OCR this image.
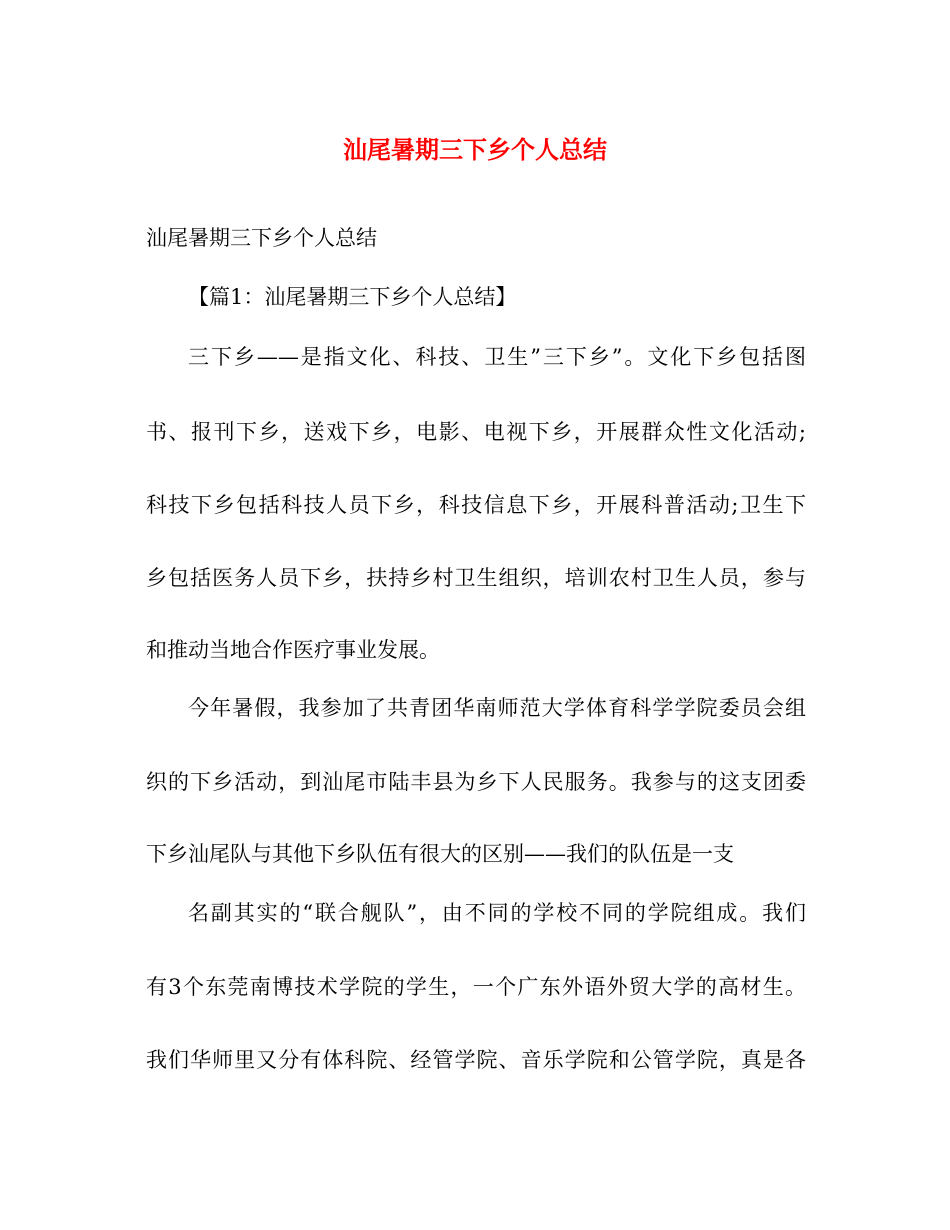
汕尾暑期三下乡个人总结

汕尾暑期三下乡个人总结

【篇1：汕尾暑期三下乡个人总结】

三下乡——是指文化、科技、卫生”三下乡”。文化下乡包括图

书、报刊下乡，送戏下乡，电影、电视下乡，开展群众性文化活动;

科技下乡包括科技人员下乡，科技信息下乡，开展科普活动;卫生下

乡包括医务人员下乡，扶持乡村卫生组织，培训农村卫生人员，参与

和推动当地合作医疗事业发展。

今年暑假，我参加了共青团华南师范大学体育科学学院委员会组

织的下乡活动，到汕尾市陆丰县为乡下人民服务。我参与的这支团委

下乡汕尾队与其他下乡队伍有很大的区别——我们的队伍是一支

名副其实的“联合舰队”，由不同的学校不同的学院组成。我们

有3个东莞南博技术学院的学生，一个广东外语外贸大学的高材生。

我们华师里又分有体科院、经管学院、音乐学院和公管学院，真是各
